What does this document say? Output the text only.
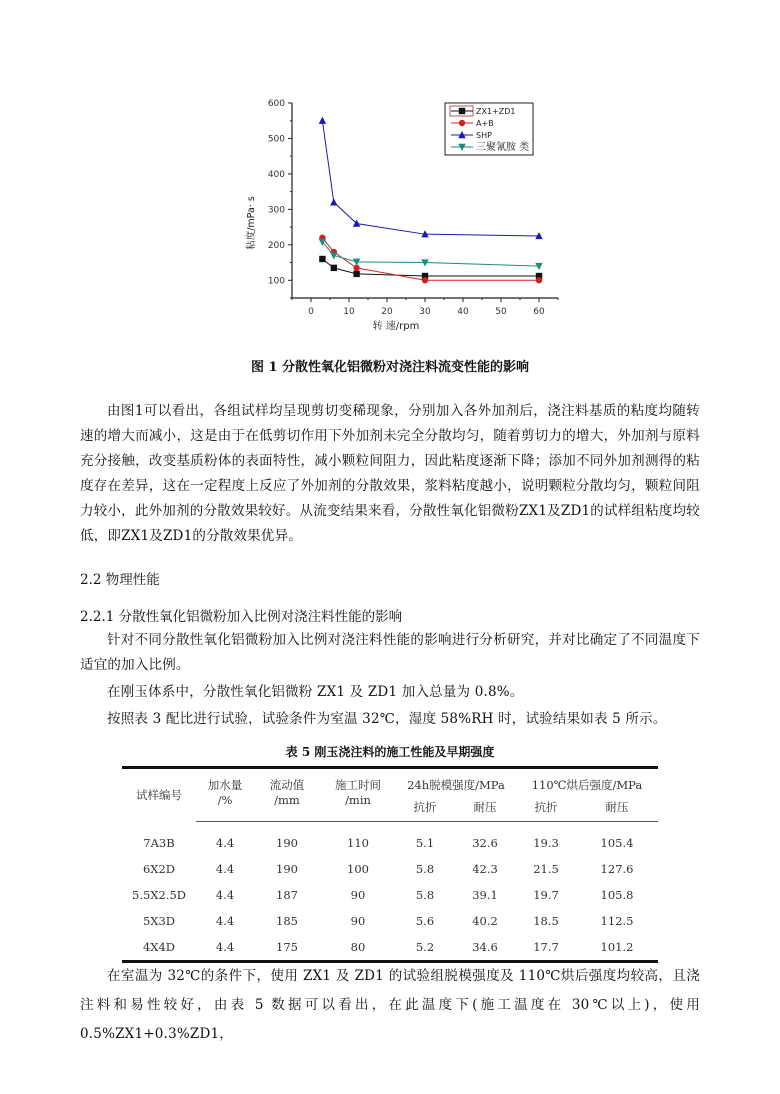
100
200
300
400
500
600
0	10	20	30	40	50	60
ZX1+ZD1
A+B
SHP
三聚氰胺 类
转 速/rpm
粘度/mPa· s
图 1 分散性氧化铝微粉对浇注料流变性能的影响
由图1可以看出，各组试样均呈现剪切变稀现象，分别加入各外加剂后，浇注料基质的粘度均随转速的增大而减小，这是由于在低剪切作用下外加剂未完全分散均匀，随着剪切力的增大，外加剂与原料充分接触，改变基质粉体的表面特性，减小颗粒间阻力，因此粘度逐渐下降；添加不同外加剂测得的粘度存在差异，这在一定程度上反应了外加剂的分散效果，浆料粘度越小，说明颗粒分散均匀，颗粒间阻力较小，此外加剂的分散效果较好。从流变结果来看，分散性氧化铝微粉ZX1及ZD1的试样组粘度均较低，即ZX1及ZD1的分散效果优异。
2.2 物理性能
2.2.1 分散性氧化铝微粉加入比例对浇注料性能的影响
针对不同分散性氧化铝微粉加入比例对浇注料性能的影响进行分析研究，并对比确定了不同温度下适宜的加入比例。
在刚玉体系中，分散性氧化铝微粉 ZX1 及 ZD1 加入总量为 0.8%。
按照表 3 配比进行试验，试验条件为室温 32℃，湿度 58%RH 时，试验结果如表 5 所示。
表 5 刚玉浇注料的施工性能及早期强度
试样编号	加水量	流动值	施工时间	24h脱模强度/MPa		110℃烘后强度/MPa	
	/%	/mm	/min	抗折	耐压	抗折	耐压
7A3B	4.4	190	110	5.1	32.6	19.3	105.4
6X2D	4.4	190	100	5.8	42.3	21.5	127.6
5.5X2.5D	4.4	187	90	5.8	39.1	19.7	105.8
5X3D	4.4	185	90	5.6	40.2	18.5	112.5
4X4D	4.4	175	80	5.2	34.6	17.7	101.2
在室温为 32℃的条件下，使用 ZX1 及 ZD1 的试验组脱模强度及 110℃烘后强度均较高，且浇注料和易性较好，由表 5 数据可以看出，在此温度下(施工温度在 30℃以上)，使用 0.5%ZX1+0.3%ZD1，
